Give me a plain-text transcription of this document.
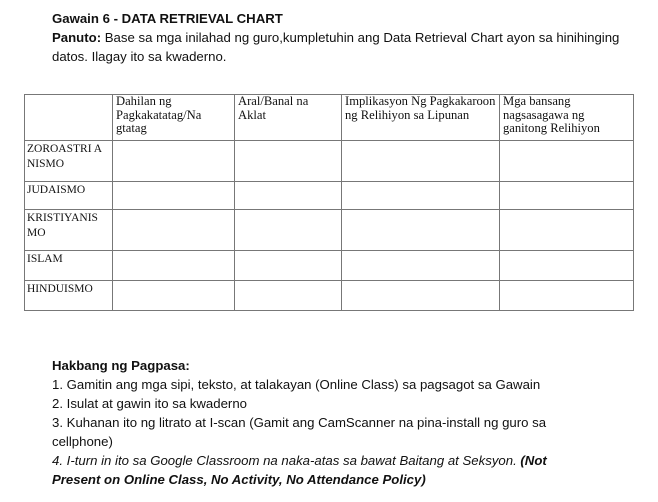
Gawain 6 - DATA RETRIEVAL CHART
Panuto: Base sa mga inilahad ng guro,kumpletuhin ang Data Retrieval Chart ayon sa hinihinging datos. Ilagay ito sa kwaderno.
	Dahilan ng Pagkakatatag/Na gtatag	Aral/Banal na Aklat	Implikasyon Ng Pagkakaroon ng Relihiyon sa Lipunan	Mga bansang nagsasagawa ng ganitong Relihiyon
ZOROASTRI ANISMO				
JUDAISMO				
KRISTIYANIS MO				
ISLAM				
HINDUISMO				
Hakbang ng Pagpasa:
1. Gamitin ang mga sipi, teksto, at talakayan (Online Class) sa pagsagot sa Gawain
2. Isulat at gawin ito sa kwaderno
3. Kuhanan ito ng litrato at I-scan (Gamit ang CamScanner na pina-install ng guro sa
cellphone)
4. I-turn in ito sa Google Classroom na naka-atas sa bawat Baitang at Seksyon. (Not
Present on Online Class, No Activity, No Attendance Policy)
